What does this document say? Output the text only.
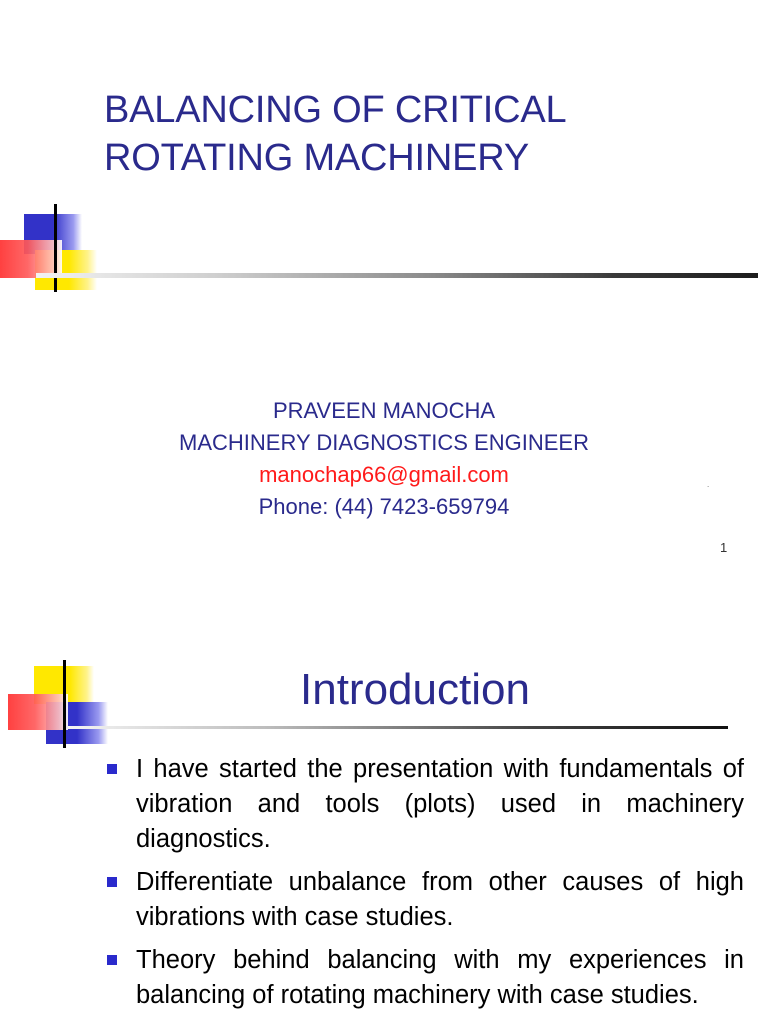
BALANCING OF CRITICAL
ROTATING MACHINERY
PRAVEEN MANOCHA
MACHINERY DIAGNOSTICS ENGINEER
manochap66@gmail.com
Phone: (44) 7423-659794
.
1
Introduction
I have started the presentation with fundamentals of vibration and tools (plots) used in machinery diagnostics.
Differentiate unbalance from other causes of high vibrations with case studies.
Theory behind balancing with my experiences in balancing of rotating machinery with case studies.
